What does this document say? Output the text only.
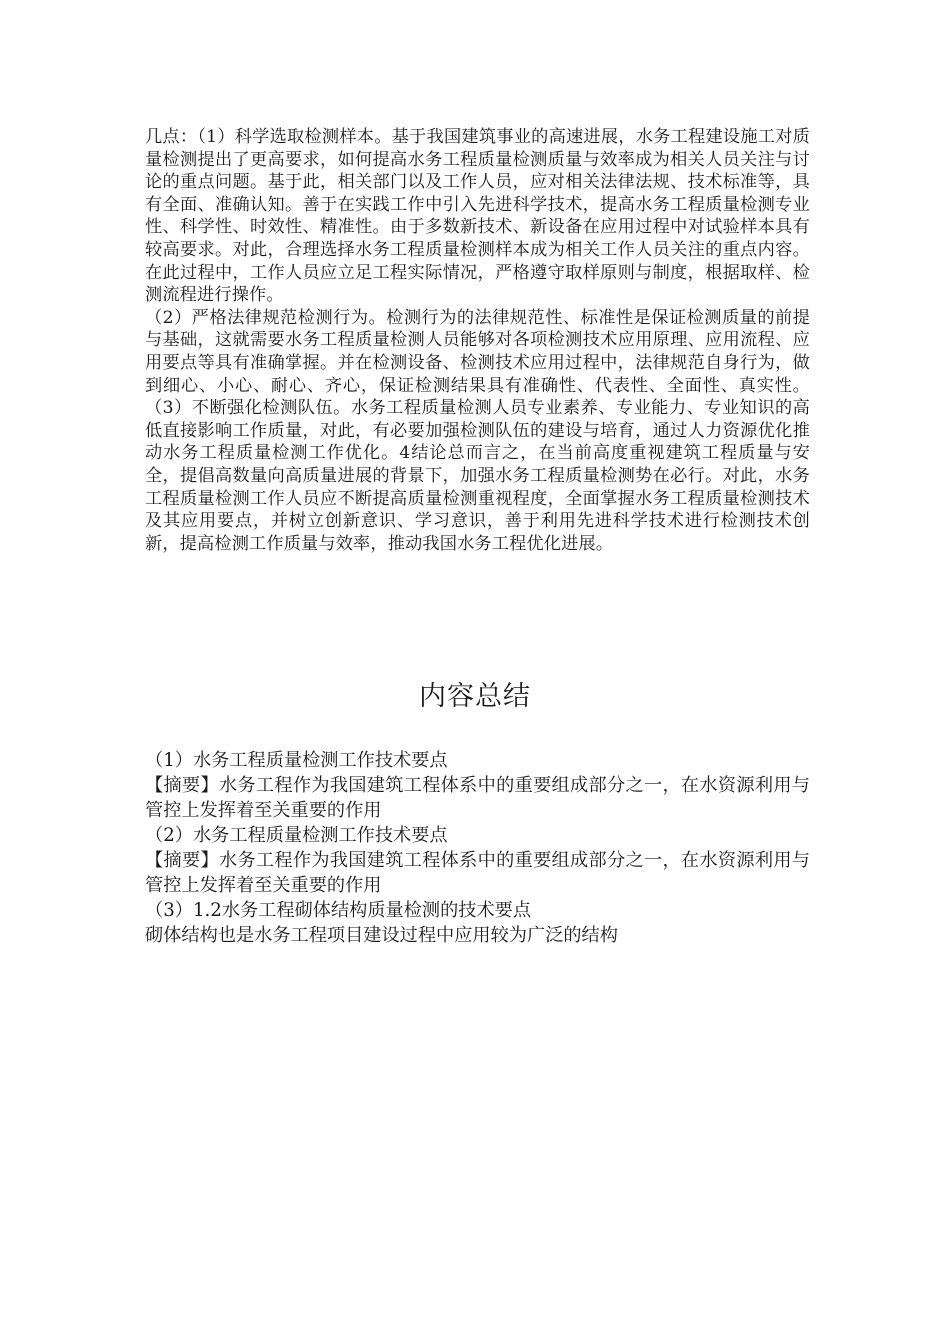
几点：（1）科学选取检测样本。基于我国建筑事业的高速进展，水务工程建设施工对质量检测提出了更高要求，如何提高水务工程质量检测质量与效率成为相关人员关注与讨论的重点问题。基于此，相关部门以及工作人员，应对相关法律法规、技术标准等，具有全面、准确认知。善于在实践工作中引入先进科学技术，提高水务工程质量检测专业性、科学性、时效性、精准性。由于多数新技术、新设备在应用过程中对试验样本具有较高要求。对此，合理选择水务工程质量检测样本成为相关工作人员关注的重点内容。在此过程中，工作人员应立足工程实际情况，严格遵守取样原则与制度，根据取样、检测流程进行操作。

（2）严格法律规范检测行为。检测行为的法律规范性、标准性是保证检测质量的前提与基础，这就需要水务工程质量检测人员能够对各项检测技术应用原理、应用流程、应用要点等具有准确掌握。并在检测设备、检测技术应用过程中，法律规范自身行为，做到细心、小心、耐心、齐心，保证检测结果具有准确性、代表性、全面性、真实性。（3）不断强化检测队伍。水务工程质量检测人员专业素养、专业能力、专业知识的高低直接影响工作质量，对此，有必要加强检测队伍的建设与培育，通过人力资源优化推动水务工程质量检测工作优化。4结论总而言之，在当前高度重视建筑工程质量与安全，提倡高数量向高质量进展的背景下，加强水务工程质量检测势在必行。对此，水务工程质量检测工作人员应不断提高质量检测重视程度，全面掌握水务工程质量检测技术及其应用要点，并树立创新意识、学习意识，善于利用先进科学技术进行检测技术创新，提高检测工作质量与效率，推动我国水务工程优化进展。

内容总结

（1）水务工程质量检测工作技术要点

【摘要】水务工程作为我国建筑工程体系中的重要组成部分之一，在水资源利用与管控上发挥着至关重要的作用

（2）水务工程质量检测工作技术要点

【摘要】水务工程作为我国建筑工程体系中的重要组成部分之一，在水资源利用与管控上发挥着至关重要的作用

（3）1.2水务工程砌体结构质量检测的技术要点

砌体结构也是水务工程项目建设过程中应用较为广泛的结构
